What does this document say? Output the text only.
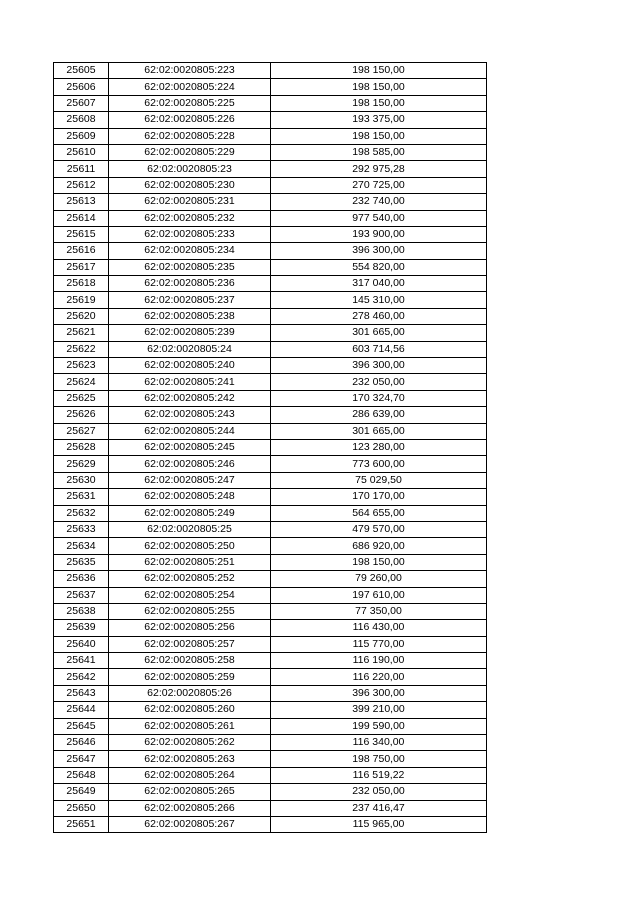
25605	62:02:0020805:223	198 150,00
25606	62:02:0020805:224	198 150,00
25607	62:02:0020805:225	198 150,00
25608	62:02:0020805:226	193 375,00
25609	62:02:0020805:228	198 150,00
25610	62:02:0020805:229	198 585,00
25611	62:02:0020805:23	292 975,28
25612	62:02:0020805:230	270 725,00
25613	62:02:0020805:231	232 740,00
25614	62:02:0020805:232	977 540,00
25615	62:02:0020805:233	193 900,00
25616	62:02:0020805:234	396 300,00
25617	62:02:0020805:235	554 820,00
25618	62:02:0020805:236	317 040,00
25619	62:02:0020805:237	145 310,00
25620	62:02:0020805:238	278 460,00
25621	62:02:0020805:239	301 665,00
25622	62:02:0020805:24	603 714,56
25623	62:02:0020805:240	396 300,00
25624	62:02:0020805:241	232 050,00
25625	62:02:0020805:242	170 324,70
25626	62:02:0020805:243	286 639,00
25627	62:02:0020805:244	301 665,00
25628	62:02:0020805:245	123 280,00
25629	62:02:0020805:246	773 600,00
25630	62:02:0020805:247	75 029,50
25631	62:02:0020805:248	170 170,00
25632	62:02:0020805:249	564 655,00
25633	62:02:0020805:25	479 570,00
25634	62:02:0020805:250	686 920,00
25635	62:02:0020805:251	198 150,00
25636	62:02:0020805:252	79 260,00
25637	62:02:0020805:254	197 610,00
25638	62:02:0020805:255	77 350,00
25639	62:02:0020805:256	116 430,00
25640	62:02:0020805:257	115 770,00
25641	62:02:0020805:258	116 190,00
25642	62:02:0020805:259	116 220,00
25643	62:02:0020805:26	396 300,00
25644	62:02:0020805:260	399 210,00
25645	62:02:0020805:261	199 590,00
25646	62:02:0020805:262	116 340,00
25647	62:02:0020805:263	198 750,00
25648	62:02:0020805:264	116 519,22
25649	62:02:0020805:265	232 050,00
25650	62:02:0020805:266	237 416,47
25651	62:02:0020805:267	115 965,00
